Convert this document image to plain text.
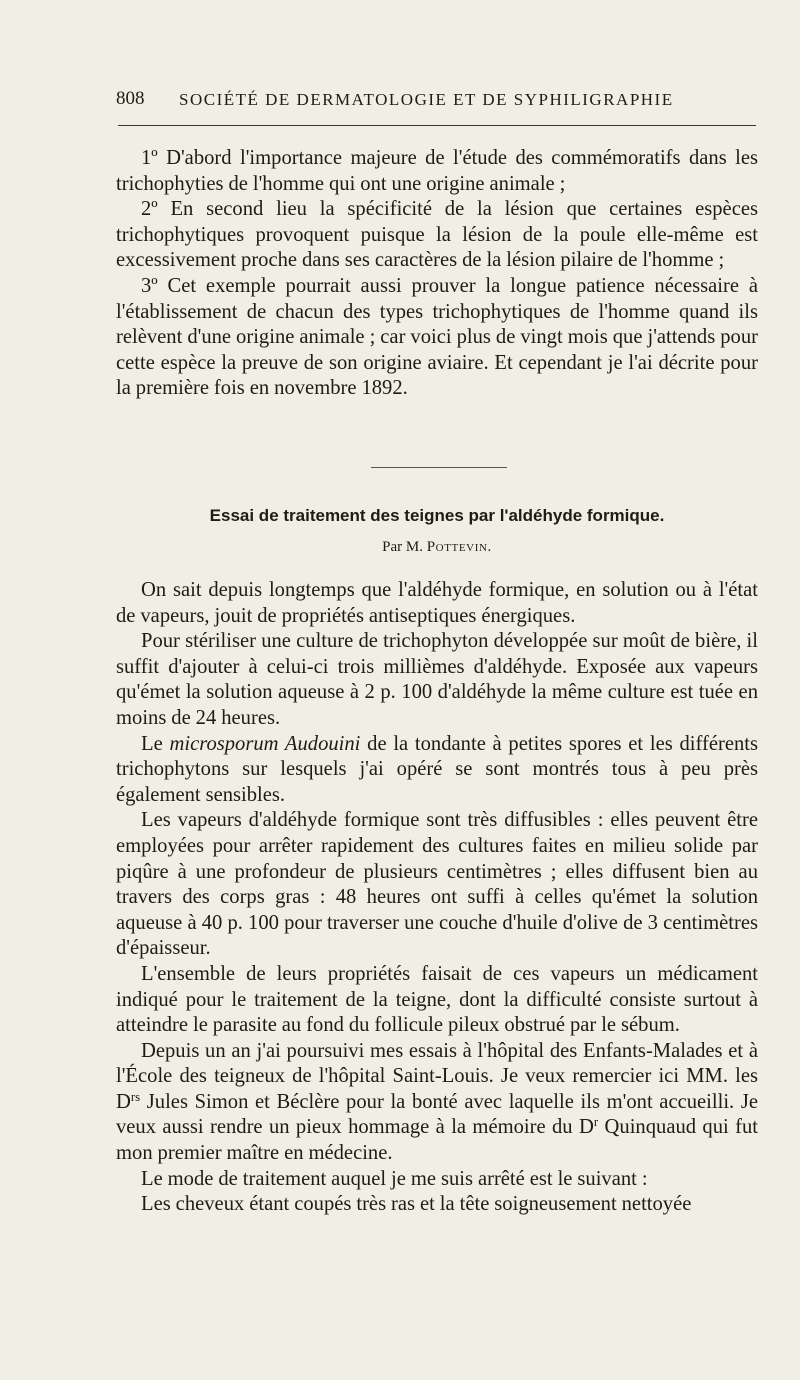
808 SOCIÉTÉ DE DERMATOLOGIE ET DE SYPHILIGRAPHIE

1º D'abord l'importance majeure de l'étude des commémoratifs dans les trichophyties de l'homme qui ont une origine animale ;

2º En second lieu la spécificité de la lésion que certaines espèces trichophytiques provoquent puisque la lésion de la poule elle-même est excessivement proche dans ses caractères de la lésion pilaire de l'homme ;

3º Cet exemple pourrait aussi prouver la longue patience nécessaire à l'établissement de chacun des types trichophytiques de l'homme quand ils relèvent d'une origine animale ; car voici plus de vingt mois que j'attends pour cette espèce la preuve de son origine aviaire. Et cependant je l'ai décrite pour la première fois en novembre 1892.

Essai de traitement des teignes par l'aldéhyde formique.
Par M. Pottevin.

On sait depuis longtemps que l'aldéhyde formique, en solution ou à l'état de vapeurs, jouit de propriétés antiseptiques énergiques.

Pour stériliser une culture de trichophyton développée sur moût de bière, il suffit d'ajouter à celui-ci trois millièmes d'aldéhyde. Exposée aux vapeurs qu'émet la solution aqueuse à 2 p. 100 d'aldéhyde la même culture est tuée en moins de 24 heures.

Le microsporum Audouini de la tondante à petites spores et les différents trichophytons sur lesquels j'ai opéré se sont montrés tous à peu près également sensibles.

Les vapeurs d'aldéhyde formique sont très diffusibles : elles peuvent être employées pour arrêter rapidement des cultures faites en milieu solide par piqûre à une profondeur de plusieurs centimètres ; elles diffusent bien au travers des corps gras : 48 heures ont suffi à celles qu'émet la solution aqueuse à 40 p. 100 pour traverser une couche d'huile d'olive de 3 centimètres d'épaisseur.

L'ensemble de leurs propriétés faisait de ces vapeurs un médicament indiqué pour le traitement de la teigne, dont la difficulté consiste surtout à atteindre le parasite au fond du follicule pileux obstrué par le sébum.

Depuis un an j'ai poursuivi mes essais à l'hôpital des Enfants-Malades et à l'École des teigneux de l'hôpital Saint-Louis. Je veux remercier ici MM. les $D^{rs}$ Jules Simon et Béclère pour la bonté avec laquelle ils m'ont accueilli. Je veux aussi rendre un pieux hommage à la mémoire du $D^r$ Quinquaud qui fut mon premier maître en médecine.

Le mode de traitement auquel je me suis arrêté est le suivant :

Les cheveux étant coupés très ras et la tête soigneusement nettoyée
